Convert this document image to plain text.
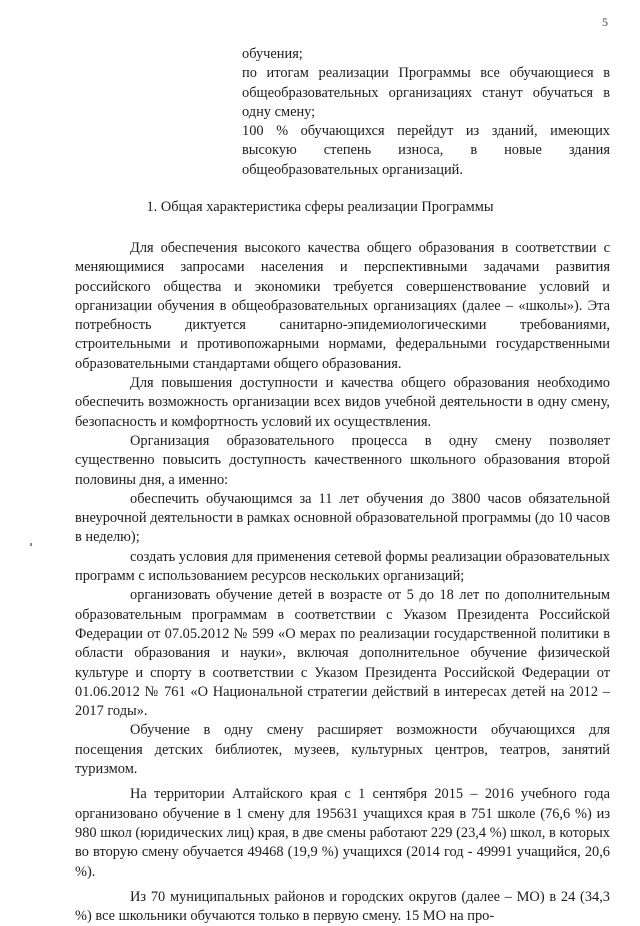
5

обучения;

по итогам реализации Программы все обучающиеся в общеобразовательных организациях станут обучаться в одну смену;

100 % обучающихся перейдут из зданий, имеющих высокую степень износа, в новые здания общеобразовательных организаций.

1. Общая характеристика сферы реализации Программы

Для обеспечения высокого качества общего образования в соответствии с меняющимися запросами населения и перспективными задачами развития российского общества и экономики требуется совершенствование условий и организации обучения в общеобразовательных организациях (далее – «школы»). Эта потребность диктуется санитарно-эпидемиологическими требованиями, строительными и противопожарными нормами, федеральными государственными образовательными стандартами общего образования.

Для повышения доступности и качества общего образования необходимо обеспечить возможность организации всех видов учебной деятельности в одну смену, безопасность и комфортность условий их осуществления.

Организация образовательного процесса в одну смену позволяет существенно повысить доступность качественного школьного образования второй половины дня, а именно:

обеспечить обучающимся за 11 лет обучения до 3800 часов обязательной внеурочной деятельности в рамках основной образовательной программы (до 10 часов в неделю);

создать условия для применения сетевой формы реализации образовательных программ с использованием ресурсов нескольких организаций;

организовать обучение детей в возрасте от 5 до 18 лет по дополнительным образовательным программам в соответствии с Указом Президента Российской Федерации от 07.05.2012 № 599 «О мерах по реализации государственной политики в области образования и науки», включая дополнительное обучение физической культуре и спорту в соответствии с Указом Президента Российской Федерации от 01.06.2012 № 761 «О Национальной стратегии действий в интересах детей на 2012 – 2017 годы».

Обучение в одну смену расширяет возможности обучающихся для посещения детских библиотек, музеев, культурных центров, театров, занятий туризмом.

На территории Алтайского края с 1 сентября 2015 – 2016 учебного года организовано обучение в 1 смену для 195631 учащихся края в 751 школе (76,6 %) из 980 школ (юридических лиц) края, в две смены работают 229 (23,4 %) школ, в которых во вторую смену обучается 49468 (19,9 %) учащихся (2014 год - 49991 учащийся, 20,6 %).

Из 70 муниципальных районов и городских округов (далее – МО) в 24 (34,3 %) все школьники обучаются только в первую смену. 15 МО на про-
